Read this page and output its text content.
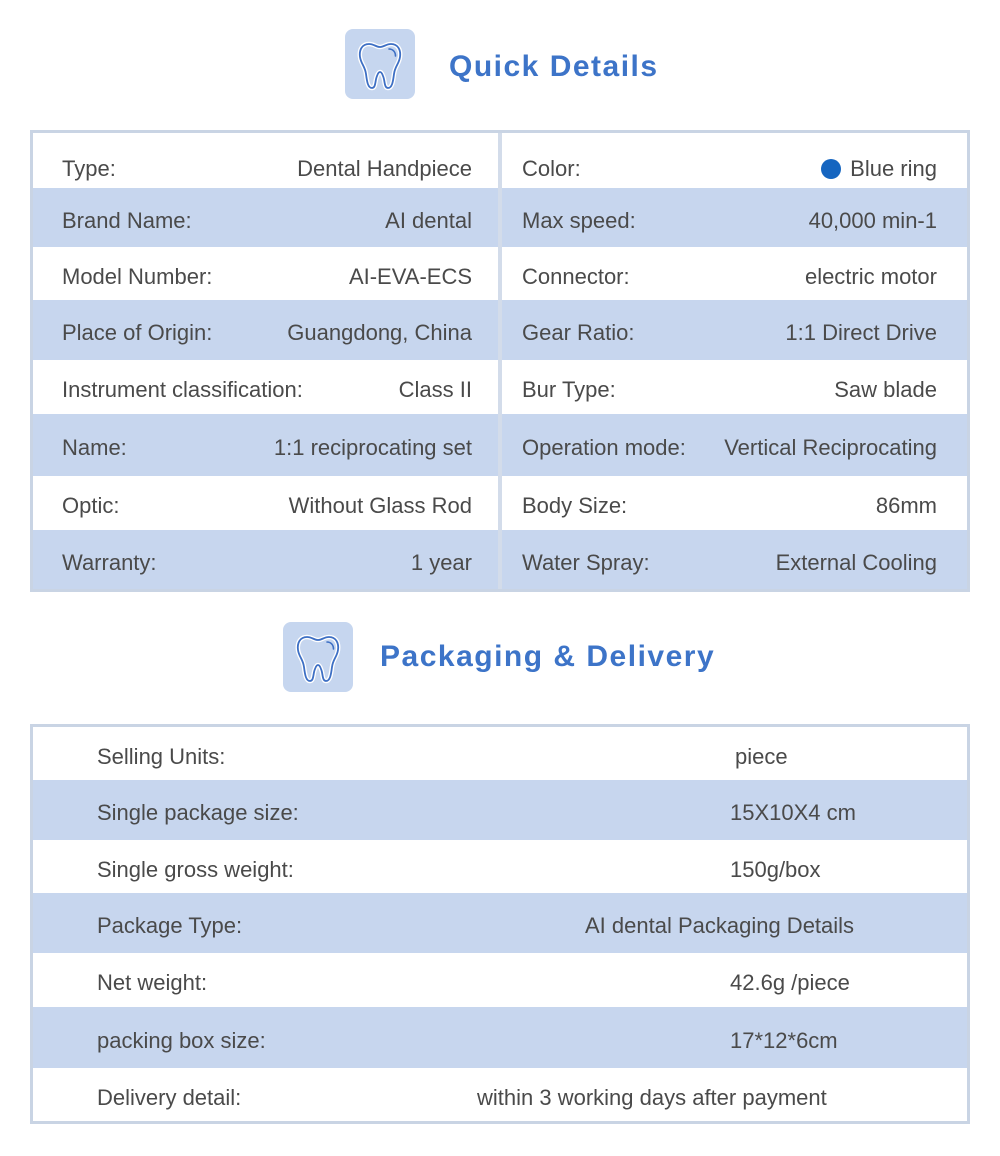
Quick Details
Type:	Dental Handpiece
Brand Name:	AI dental
Model Number:	AI-EVA-ECS
Place of Origin:	Guangdong, China
Instrument classification:	Class II
Name:	1:1 reciprocating set
Optic:	Without Glass Rod
Warranty:	1 year
Color:	Blue ring
Max speed:	40,000 min-1
Connector:	electric motor
Gear Ratio:	1:1 Direct Drive
Bur Type:	Saw blade
Operation mode: Vertical Reciprocating
Body Size:	86mm
Water Spray:	External Cooling
Packaging & Delivery
Selling Units:	piece
Single package size:	15X10X4 cm
Single gross weight:	150g/box
Package Type:	AI dental Packaging Details
Net weight:	42.6g /piece
packing box size:	17*12*6cm
Delivery detail:	within 3 working days after payment
